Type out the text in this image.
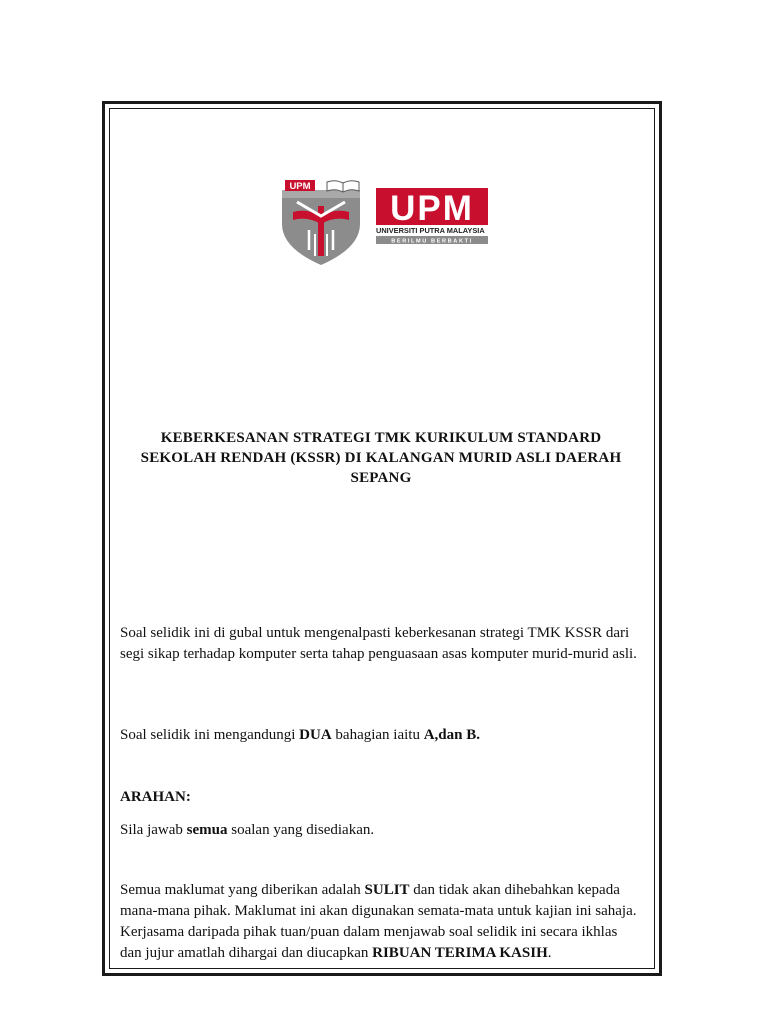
UPM
UPM
UNIVERSITI PUTRA MALAYSIA
BERILMU BERBAKTI
KEBERKESANAN STRATEGI TMK KURIKULUM STANDARD
SEKOLAH RENDAH (KSSR) DI KALANGAN MURID ASLI DAERAH
SEPANG
Soal selidik ini di gubal untuk mengenalpasti keberkesanan strategi TMK KSSR dari segi sikap terhadap komputer serta tahap penguasaan asas komputer murid-murid asli.
Soal selidik ini mengandungi DUA bahagian iaitu A,dan B.
ARAHAN:
Sila jawab semua soalan yang disediakan.
Semua maklumat yang diberikan adalah SULIT dan tidak akan dihebahkan kepada mana-mana pihak. Maklumat ini akan digunakan semata-mata untuk kajian ini sahaja. Kerjasama daripada pihak tuan/puan dalam menjawab soal selidik ini secara ikhlas dan jujur amatlah dihargai dan diucapkan RIBUAN TERIMA KASIH.
